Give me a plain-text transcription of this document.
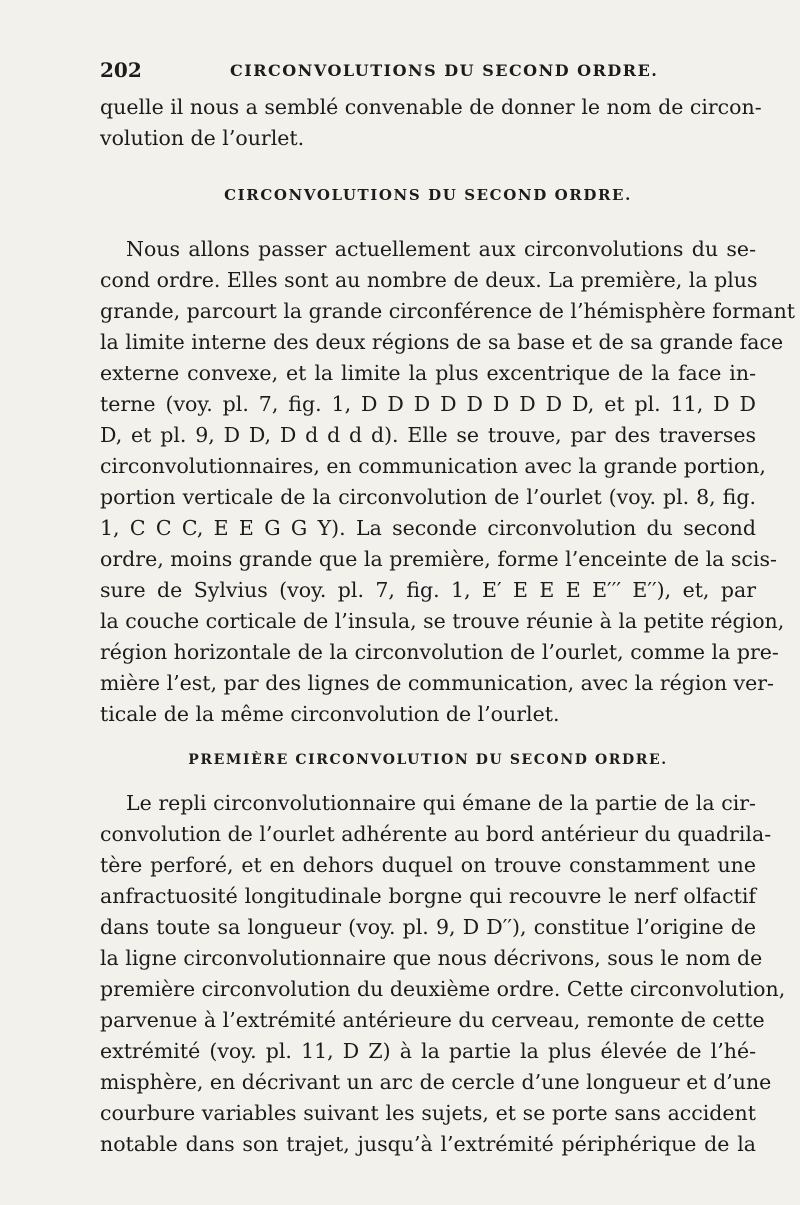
202	CIRCONVOLUTIONS DU SECOND ORDRE.
quelle il nous a semblé convenable de donner le nom de circon-
volution de l’ourlet.
CIRCONVOLUTIONS DU SECOND ORDRE.
Nous allons passer actuellement aux circonvolutions du se-
cond ordre. Elles sont au nombre de deux. La première, la plus
grande, parcourt la grande circonférence de l’hémisphère formant
la limite interne des deux régions de sa base et de sa grande face
externe convexe, et la limite la plus excentrique de la face in-
terne (voy. pl. 7, fig. 1, D D D D D D D D D, et pl. 11, D D
D, et pl. 9, D D, D d d d d). Elle se trouve, par des traverses
circonvolutionnaires, en communication avec la grande portion,
portion verticale de la circonvolution de l’ourlet (voy. pl. 8, fig.
1, C C C, E E G G Y). La seconde circonvolution du second
ordre, moins grande que la première, forme l’enceinte de la scis-
sure de Sylvius (voy. pl. 7, fig. 1, E′ E E E E′′′ E′′), et, par
la couche corticale de l’insula, se trouve réunie à la petite région,
région horizontale de la circonvolution de l’ourlet, comme la pre-
mière l’est, par des lignes de communication, avec la région ver-
ticale de la même circonvolution de l’ourlet.
PREMIÈRE CIRCONVOLUTION DU SECOND ORDRE.
Le repli circonvolutionnaire qui émane de la partie de la cir-
convolution de l’ourlet adhérente au bord antérieur du quadrila-
tère perforé, et en dehors duquel on trouve constamment une
anfractuosité longitudinale borgne qui recouvre le nerf olfactif
dans toute sa longueur (voy. pl. 9, D D′′), constitue l’origine de
la ligne circonvolutionnaire que nous décrivons, sous le nom de
première circonvolution du deuxième ordre. Cette circonvolution,
parvenue à l’extrémité antérieure du cerveau, remonte de cette
extrémité (voy. pl. 11, D Z) à la partie la plus élevée de l’hé-
misphère, en décrivant un arc de cercle d’une longueur et d’une
courbure variables suivant les sujets, et se porte sans accident
notable dans son trajet, jusqu’à l’extrémité périphérique de la
